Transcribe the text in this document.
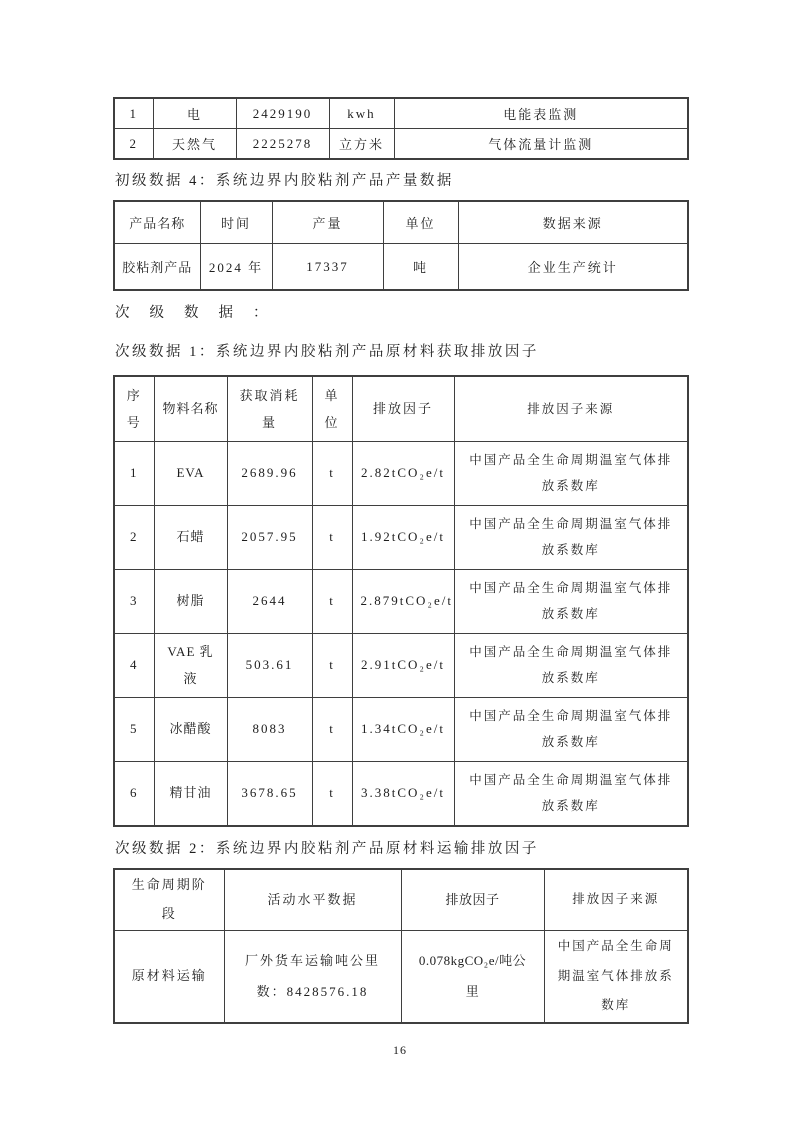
1	电	2429190	kwh	电能表监测
2	天然气	2225278	立方米	气体流量计监测
初级数据 4：系统边界内胶粘剂产品产量数据
产品名称	时间	产量	单位	数据来源
胶粘剂产品	2024 年	17337	吨	企业生产统计
次级数据：
次级数据 1：系统边界内胶粘剂产品原材料获取排放因子
序号	物料名称	获取消耗量	单位	排放因子	排放因子来源
1	EVA	2689.96	t	2.82tCO₂e/t	中国产品全生命周期温室气体排放系数库
2	石蜡	2057.95	t	1.92tCO₂e/t	中国产品全生命周期温室气体排放系数库
3	树脂	2644	t	2.879tCO₂e/t	中国产品全生命周期温室气体排放系数库
4	VAE 乳液	503.61	t	2.91tCO₂e/t	中国产品全生命周期温室气体排放系数库
5	冰醋酸	8083	t	1.34tCO₂e/t	中国产品全生命周期温室气体排放系数库
6	精甘油	3678.65	t	3.38tCO₂e/t	中国产品全生命周期温室气体排放系数库
次级数据 2：系统边界内胶粘剂产品原材料运输排放因子
生命周期阶段	活动水平数据	排放因子	排放因子来源
原材料运输	厂外货车运输吨公里数：8428576.18	0.078kgCO₂e/吨公里	中国产品全生命周期温室气体排放系数库
16
